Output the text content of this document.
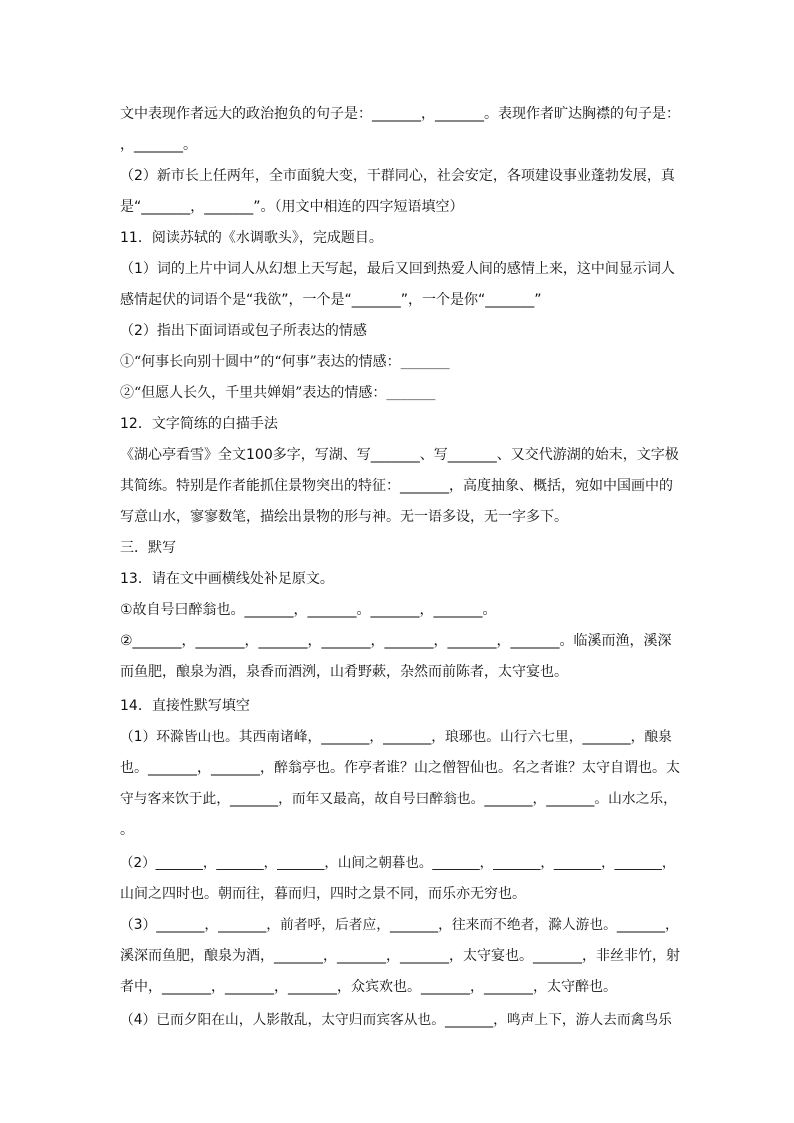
文中表现作者远大的政治抱负的句子是：_______，_______。表现作者旷达胸襟的句子是：
，_______。
（2）新市长上任两年，全市面貌大变，干群同心，社会安定，各项建设事业蓬勃发展，真
是“_______，_______”。（用文中相连的四字短语填空）
11．阅读苏轼的《水调歌头》，完成题目。
（1）词的上片中词人从幻想上天写起，最后又回到热爱人间的感情上来，这中间显示词人
感情起伏的词语个是“我欲”，一个是“_______”，一个是你“_______”
（2）指出下面词语或包子所表达的情感
①“何事长向别十圆中”的“何事”表达的情感：_______
②“但愿人长久，千里共婵娟”表达的情感：_______
12．文字简练的白描手法
《湖心亭看雪》全文100多字，写湖、写_______、写_______、又交代游湖的始末，文字极
其简练。特别是作者能抓住景物突出的特征：_______，高度抽象、概括，宛如中国画中的
写意山水，寥寥数笔，描绘出景物的形与神。无一语多设，无一字多下。
三．默写
13．请在文中画横线处补足原文。
①故自号曰醉翁也。_______，_______。_______，_______。
②_______，_______，_______，_______，_______，_______，_______。临溪而渔，溪深
而鱼肥，酿泉为酒，泉香而酒洌，山肴野蔌，杂然而前陈者，太守宴也。
14．直接性默写填空
（1）环滁皆山也。其西南诸峰，_______，_______，琅琊也。山行六七里，_______，酿泉
也。_______，_______，醉翁亭也。作亭者谁？山之僧智仙也。名之者谁？太守自谓也。太
守与客来饮于此，_______，而年又最高，故自号曰醉翁也。_______，_______。山水之乐，
。
（2）_______，_______，_______，山间之朝暮也。_______，_______，_______，_______，
山间之四时也。朝而往，暮而归，四时之景不同，而乐亦无穷也。
（3）_______，_______，前者呼，后者应，_______，往来而不绝者，滁人游也。_______，
溪深而鱼肥，酿泉为酒，_______，_______，_______，太守宴也。_______，非丝非竹，射
者中，_______，_______，_______，众宾欢也。_______，_______，太守醉也。
（4）已而夕阳在山，人影散乱，太守归而宾客从也。_______，鸣声上下，游人去而禽鸟乐
